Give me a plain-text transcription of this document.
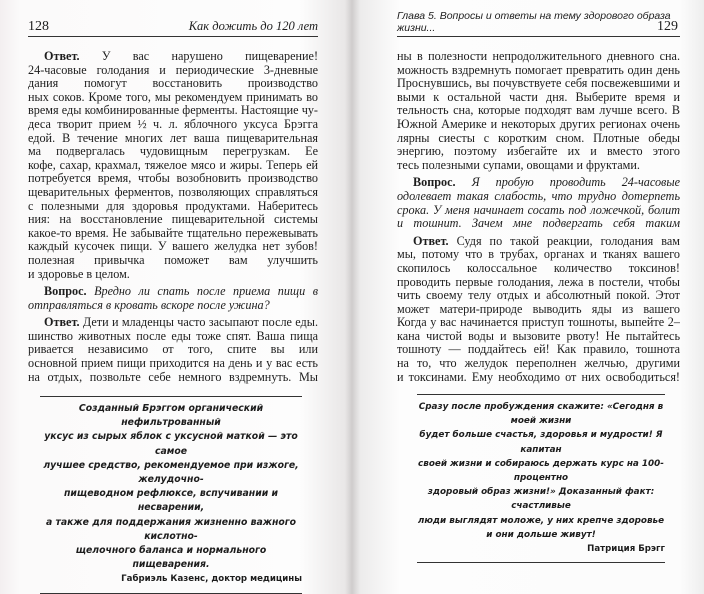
128	Как дожить до 120 лет
Ответ. У вас нарушено пищеварение!
24-часовые голодания и периодические 3-дневные
дания помогут восстановить производство
ных соков. Кроме того, мы рекомендуем принимать во
время еды комбинированные ферменты. Настоящие чу-
деса творит прием ½ ч. л. яблочного уксуса Брэгга
едой. В течение многих лет ваша пищеварительная
ма подвергалась чудовищным перегрузкам. Ее
кофе, сахар, крахмал, тяжелое мясо и жиры. Теперь ей
потребуется время, чтобы возобновить производство
щеварительных ферментов, позволяющих справляться
с полезными для здоровья продуктами. Наберитесь
ния: на восстановление пищеварительной системы
какое-то время. Не забывайте тщательно пережевывать
каждый кусочек пищи. У вашего желудка нет зубов!
полезная привычка поможет вам улучшить
и здоровье в целом.
Вопрос. Вредно ли спать после приема пищи в
отправляться в кровать вскоре после ужина?
Ответ. Дети и младенцы часто засыпают после еды.
шинство животных после еды тоже спят. Ваша пища
ривается независимо от того, спите вы или
основной прием пищи приходится на день и у вас есть
на отдых, позвольте себе немного вздремнуть. Мы
Созданный Брэггом органический нефильтрованный
уксус из сырых яблок с уксусной маткой — это самое
лучшее средство, рекомендуемое при изжоге, желудочно-
пищеводном рефлюксе, вспучивании и несварении,
а также для поддержания жизненно важного кислотно-
щелочного баланса и нормального пищеварения.
Габриэль Казенс, доктор медицины
Глава 5. Вопросы и ответы на тему здорового образа жизни...	129
ны в полезности непродолжительного дневного сна.
можность вздремнуть помогает превратить один день
Проснувшись, вы почувствуете себя посвежевшими и
выми к остальной части дня. Выберите время и
тельность сна, которые подходят вам лучше всего. В
Южной Америке и некоторых других регионах очень
лярны сиесты с коротким сном. Плотные обеды
энергию, поэтому избегайте их и вместо этого
тесь полезными супами, овощами и фруктами.
Вопрос. Я пробую проводить 24-часовые
одолевает такая слабость, что трудно дотерпеть
срока. У меня начинает сосать под ложечкой, болит
и тошнит. Зачем мне подвергать себя таким
Ответ. Судя по такой реакции, голодания вам
мы, потому что в трубах, органах и тканях вашего
скопилось колоссальное количество токсинов!
проводить первые голодания, лежа в постели, чтобы
чить своему телу отдых и абсолютный покой. Этот
может матери-природе выводить яды из вашего
Когда у вас начинается приступ тошноты, выпейте 2–
кана чистой воды и вызовите рвоту! Не пытайтесь
тошноту — поддайтесь ей! Как правило, тошнота
на то, что желудок переполнен желчью, другими
и токсинами. Ему необходимо от них освободиться!
Сразу после пробуждения скажите: «Сегодня в моей жизни
будет больше счастья, здоровья и мудрости! Я капитан
своей жизни и собираюсь держать курс на 100-процентно
здоровый образ жизни!» Доказанный факт: счастливые
люди выглядят моложе, у них крепче здоровье
и они дольше живут!
Патриция Брэгг
